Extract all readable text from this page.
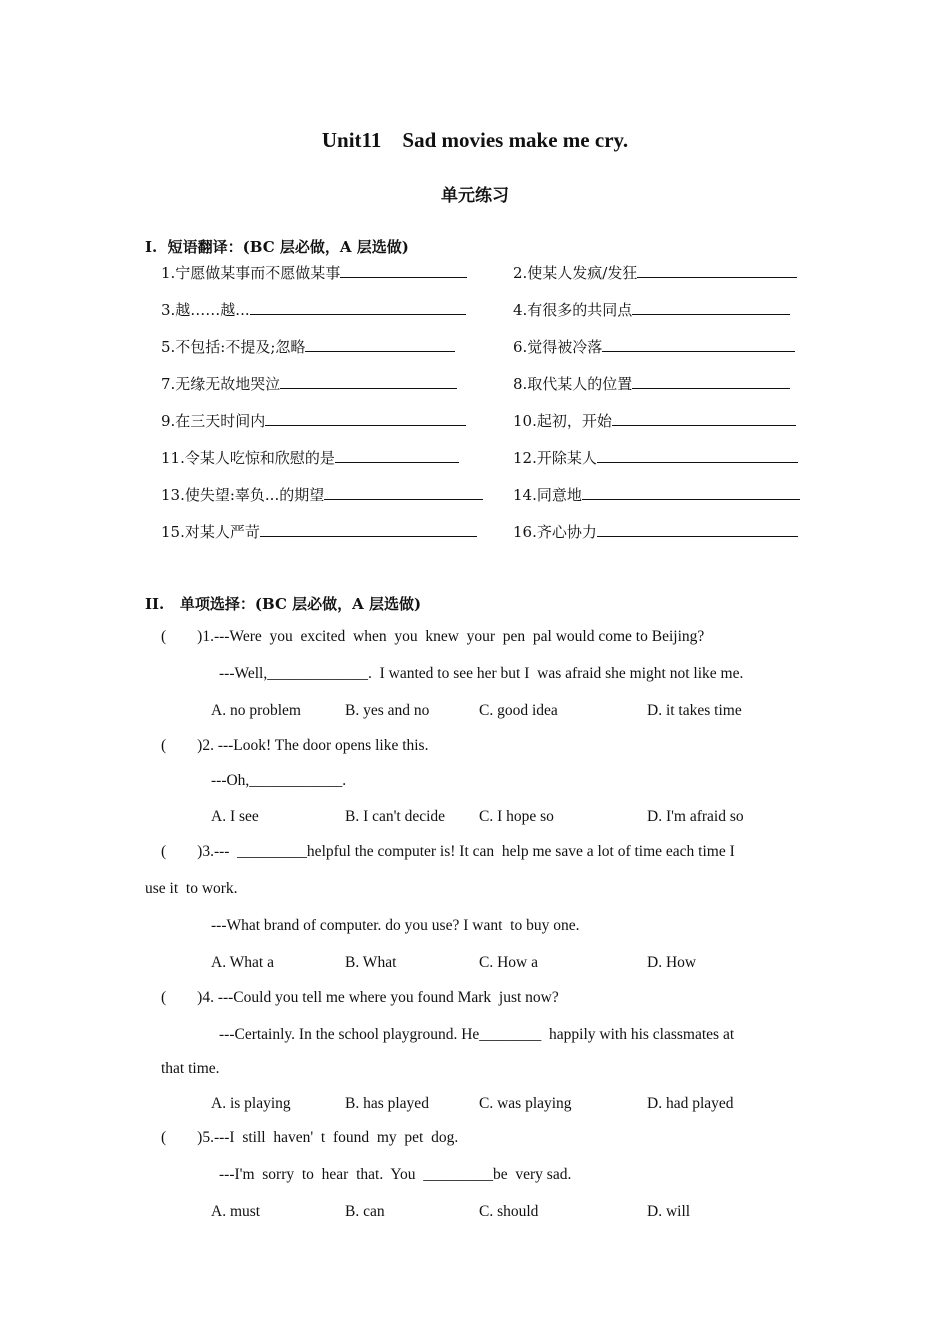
Unit11    Sad movies make me cry.
单元练习
I.  短语翻译：(BC 层必做，A 层选做)
1.宁愿做某事而不愿做某事	2.使某人发疯/发狂
3.越……越...	4.有很多的共同点
5.不包括:不提及;忽略	6.觉得被冷落
7.无缘无故地哭泣	8.取代某人的位置
9.在三天时间内	10.起初，开始
11.令某人吃惊和欣慰的是	12.开除某人
13.使失望:辜负...的期望	14.同意地
15.对某人严苛	16.齐心协力
II.   单项选择：(BC 层必做，A 层选做)
(        )1.---Were  you  excited  when  you  knew  your  pen  pal would come to Beijing?
---Well,_____________.  I wanted to see her but I  was afraid she might not like me.
A. no problem	B. yes and no	C. good idea	D. it takes time
(        )2. ---Look! The door opens like this.
---Oh,____________.
A. I see	B. I can't decide C. I hope so	D. I'm afraid so
(        )3.---  _________helpful the computer is! It can  help me save a lot of time each time I
use it  to work.
---What brand of computer. do you use? I want  to buy one.
A. What a	B. What	C. How a	D. How
(        )4. ---Could you tell me where you found Mark  just now?
---Certainly. In the school playground. He________  happily with his classmates at
that time.
A. is playing	B. has played	C. was playing	D. had played
(        )5.---I  still  haven'  t  found  my  pet  dog.
---I'm  sorry  to  hear  that.  You  _________be  very sad.
A. must	B. can	C. should	D. will
